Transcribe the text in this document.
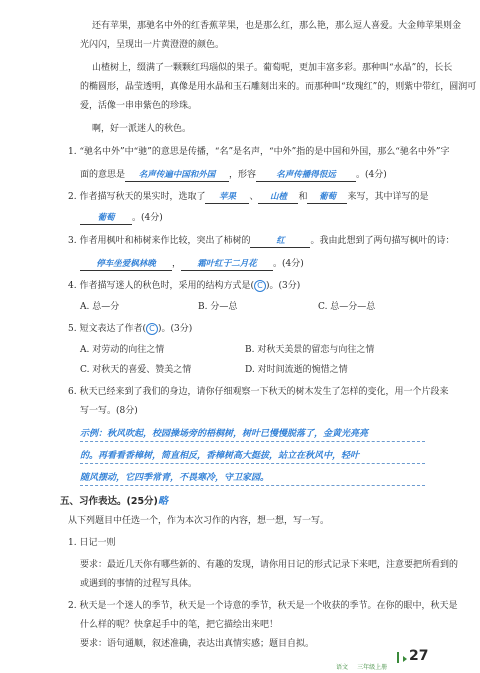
还有苹果，那驰名中外的红香蕉苹果，也是那么红，那么艳，那么逗人喜爱。大金帅苹果则金
光闪闪，呈现出一片黄澄澄的颜色。
山楂树上，缀满了一颗颗红玛瑙似的果子。葡萄呢，更加丰富多彩。那种叫“水晶”的，长长
的椭圆形，晶莹透明，真像是用水晶和玉石雕刻出来的。而那种叫“玫瑰红”的，则紫中带红，圆润可
爱，活像一串串紫色的珍珠。
啊，好一派迷人的秋色。
1. “驰名中外”中“驰”的意思是传播，“名”是名声，“中外”指的是中国和外国，那么“驰名中外”字
面的意思是 名声传遍中国和外国 ，形容 名声传播得很远 。(4分)
2. 作者描写秋天的果实时，选取了 苹果 、 山楂 和 葡萄 来写，其中详写的是
葡萄 。(4分)
3. 作者用枫叶和柿树来作比较，突出了柿树的	红	。我由此想到了两句描写枫叶的诗：
停车坐爱枫林晚 ， 霜叶红于二月花 。(4分)
4. 作者描写迷人的秋色时，采用的结构方式是( C )。(3分)
A. 总—分	B. 分—总	C. 总—分—总
5. 短文表达了作者( C )。(3分)
A. 对劳动的向往之情	B. 对秋天美景的留恋与向往之情
C. 对秋天的喜爱、赞美之情	D. 对时间流逝的惋惜之情
6. 秋天已经来到了我们的身边，请你仔细观察一下秋天的树木发生了怎样的变化，用一个片段来
写一写。(8分)
示例：秋风吹起，校园操场旁的梧桐树，树叶已慢慢脱落了，金黄光亮亮
的。再看看香樟树，简直相反，香樟树高大挺拔，站立在秋风中，轻叶
随风摆动，它四季常青，不畏寒冷，守卫家园。
五、习作表达。(25分) 略
从下列题目中任选一个，作为本次习作的内容，想一想，写一写。
1. 日记一则
要求：最近几天你有哪些新的、有趣的发现，请你用日记的形式记录下来吧，注意要把所看到的
或遇到的事情的过程写具体。
2. 秋天是一个迷人的季节，秋天是一个诗意的季节，秋天是一个收获的季节。在你的眼中，秋天是
什么样的呢？快拿起手中的笔，把它描绘出来吧！
要求：语句通顺，叙述准确，表达出真情实感；题目自拟。
语文 三年级上册
27
